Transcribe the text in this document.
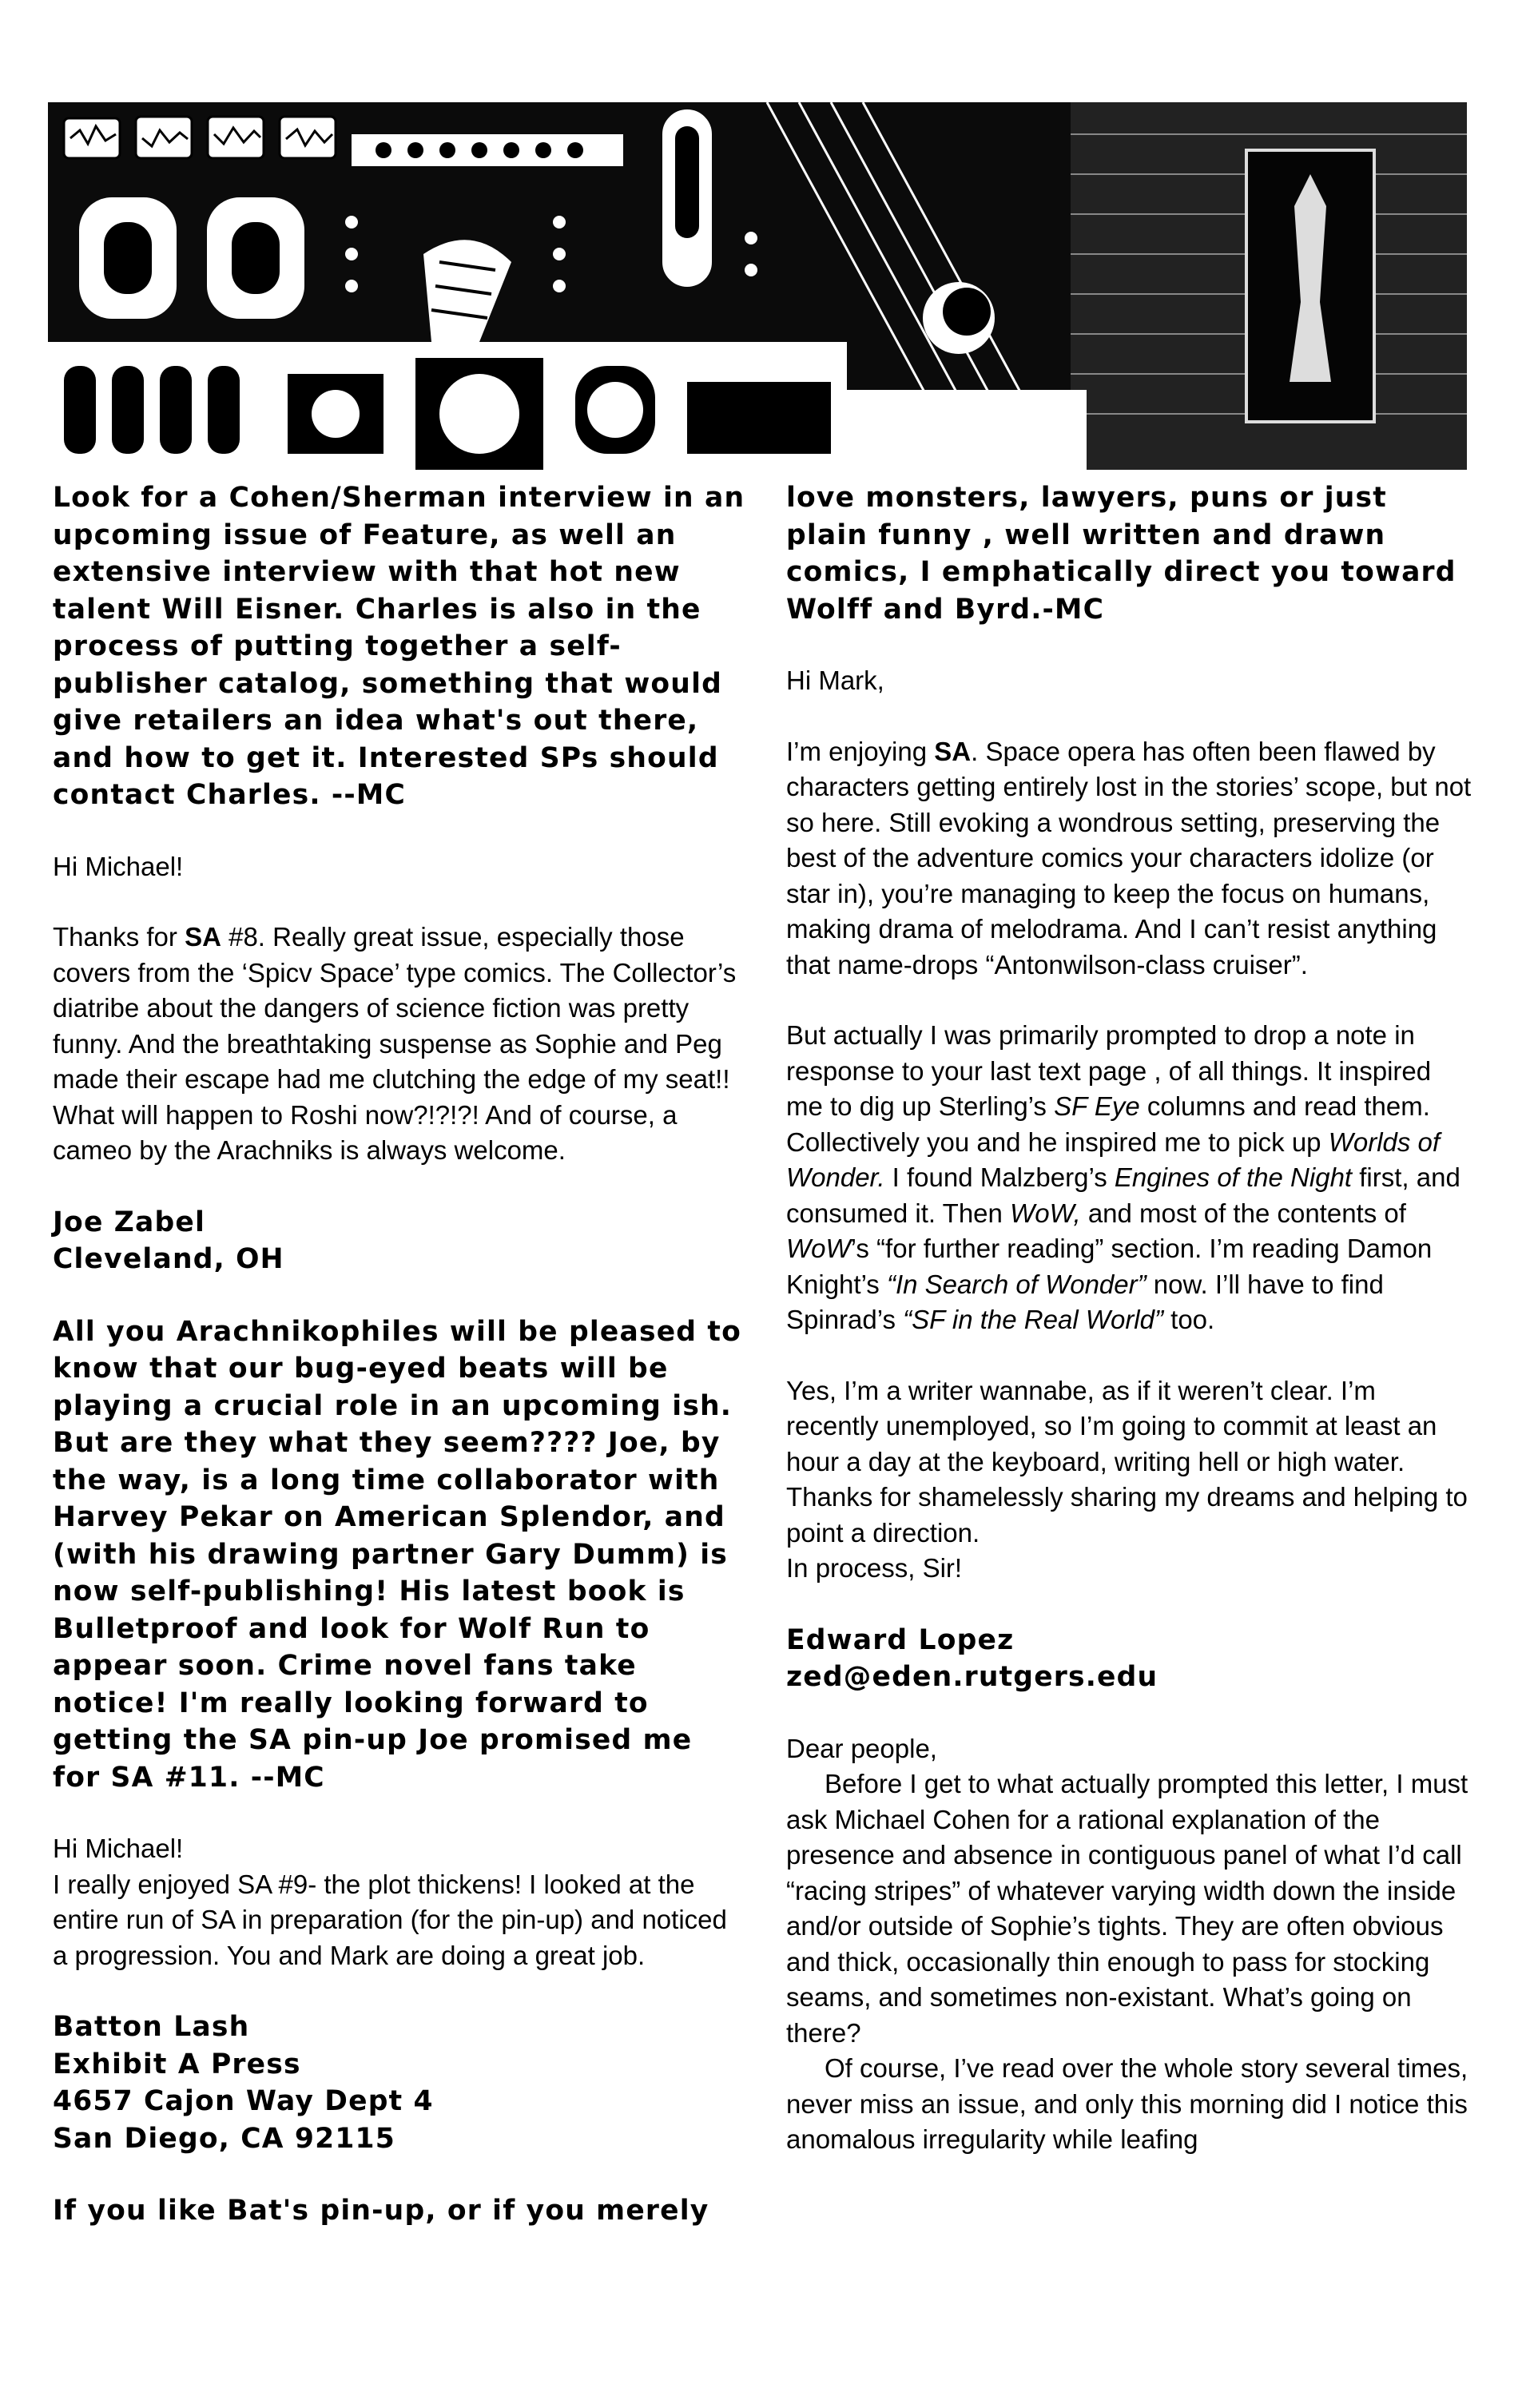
Look for a Cohen/Sherman interview in an upcoming issue of Feature, as well an extensive interview with that hot new talent Will Eisner. Charles is also in the process of putting together a self-publisher catalog, something that would give retailers an idea what's out there, and how to get it. Interested SPs should contact Charles. --MC

Hi Michael!

Thanks for SA #8. Really great issue, especially those covers from the ‘Spicv Space’ type comics. The Collector’s diatribe about the dangers of science fiction was pretty funny. And the breathtaking suspense as Sophie and Peg made their escape had me clutching the edge of my seat!! What will happen to Roshi now?!?!?! And of course, a cameo by the Arachniks is always welcome.

Joe Zabel

Cleveland, OH

All you Arachnikophiles will be pleased to know that our bug-eyed beats will be playing a crucial role in an upcoming ish. But are they what they seem???? Joe, by the way, is a long time collaborator with Harvey Pekar on American Splendor, and (with his drawing partner Gary Dumm) is now self-publishing! His latest book is Bulletproof and look for Wolf Run to appear soon. Crime novel fans take notice! I'm really looking forward to getting the SA pin-up Joe promised me for SA #11. --MC

Hi Michael!

I really enjoyed SA #9- the plot thickens! I looked at the entire run of SA in preparation (for the pin-up) and noticed a progression. You and Mark are doing a great job.

Batton Lash

Exhibit A Press

4657 Cajon Way Dept 4

San Diego, CA 92115

If you like Bat's pin-up, or if you merely

love monsters, lawyers, puns or just plain funny , well written and drawn comics, I emphatically direct you toward Wolff and Byrd.-MC

Hi Mark,

I’m enjoying SA. Space opera has often been flawed by characters getting entirely lost in the stories’ scope, but not so here. Still evoking a wondrous setting, preserving the best of the adventure comics your characters idolize (or star in), you’re managing to keep the focus on humans, making drama of melodrama. And I can’t resist anything that name-drops “Antonwilson-class cruiser”.

But actually I was primarily prompted to drop a note in response to your last text page , of all things. It inspired me to dig up Sterling’s SF Eye columns and read them. Collectively you and he inspired me to pick up Worlds of Wonder. I found Malzberg’s Engines of the Night first, and consumed it. Then WoW, and most of the contents of WoW’s “for further reading” section. I’m reading Damon Knight’s “In Search of Wonder” now. I’ll have to find Spinrad’s “SF in the Real World” too.

Yes, I’m a writer wannabe, as if it weren’t clear. I’m recently unemployed, so I’m going to commit at least an hour a day at the keyboard, writing hell or high water. Thanks for shamelessly sharing my dreams and helping to point a direction.

In process, Sir!

Edward Lopez

zed@eden.rutgers.edu

Dear people,

Before I get to what actually prompted this letter, I must ask Michael Cohen for a rational explanation of the presence and absence in contiguous panel of what I’d call “racing stripes” of whatever varying width down the inside and/or outside of Sophie’s tights. They are often obvious and thick, occasionally thin enough to pass for stocking seams, and sometimes non-existant. What’s going on there?

Of course, I’ve read over the whole story several times, never miss an issue, and only this morning did I notice this anomalous irregularity while leafing
